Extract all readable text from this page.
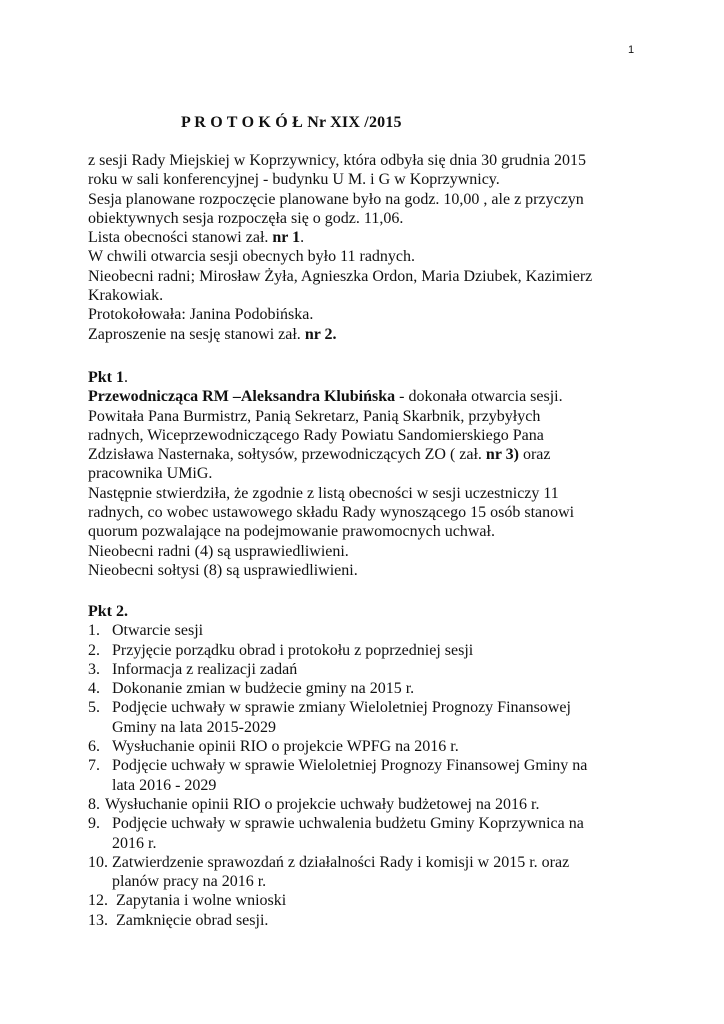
1
P R O T O K Ó Ł Nr XIX /2015
z sesji Rady Miejskiej w Koprzywnicy, która odbyła się dnia 30 grudnia 2015
roku w sali konferencyjnej - budynku U M. i G w Koprzywnicy.
Sesja planowane rozpoczęcie planowane było na godz. 10,00 , ale z przyczyn
obiektywnych sesja rozpoczęła się o godz. 11,06.
Lista obecności stanowi zał. nr 1.
W chwili otwarcia sesji obecnych było 11 radnych.
Nieobecni radni; Mirosław Żyła, Agnieszka Ordon, Maria Dziubek, Kazimierz
Krakowiak.
Protokołowała: Janina Podobińska.
Zaproszenie na sesję stanowi zał. nr 2.
Pkt 1.
Przewodnicząca RM –Aleksandra Klubińska - dokonała otwarcia sesji.
Powitała Pana Burmistrz, Panią Sekretarz, Panią Skarbnik, przybyłych
radnych, Wiceprzewodniczącego Rady Powiatu Sandomierskiego Pana
Zdzisława Nasternaka, sołtysów, przewodniczących ZO ( zał. nr 3) oraz
pracownika UMiG.
Następnie stwierdziła, że zgodnie z listą obecności w sesji uczestniczy 11
radnych, co wobec ustawowego składu Rady wynoszącego 15 osób stanowi
quorum pozwalające na podejmowanie prawomocnych uchwał.
Nieobecni radni (4) są usprawiedliwieni.
Nieobecni sołtysi (8) są usprawiedliwieni.
Pkt 2.
1. Otwarcie sesji
2. Przyjęcie porządku obrad i protokołu z poprzedniej sesji
3. Informacja z realizacji zadań
4. Dokonanie zmian w budżecie gminy na 2015 r.
5. Podjęcie uchwały w sprawie zmiany Wieloletniej Prognozy Finansowej
Gminy na lata 2015-2029
6. Wysłuchanie opinii RIO o projekcie WPFG na 2016 r.
7. Podjęcie uchwały w sprawie Wieloletniej Prognozy Finansowej Gminy na
lata 2016 - 2029
8. Wysłuchanie opinii RIO o projekcie uchwały budżetowej na 2016 r.
9. Podjęcie uchwały w sprawie uchwalenia budżetu Gminy Koprzywnica na
2016 r.
10. Zatwierdzenie sprawozdań z działalności Rady i komisji w 2015 r. oraz
planów pracy na 2016 r.
12. Zapytania i wolne wnioski
13. Zamknięcie obrad sesji.
